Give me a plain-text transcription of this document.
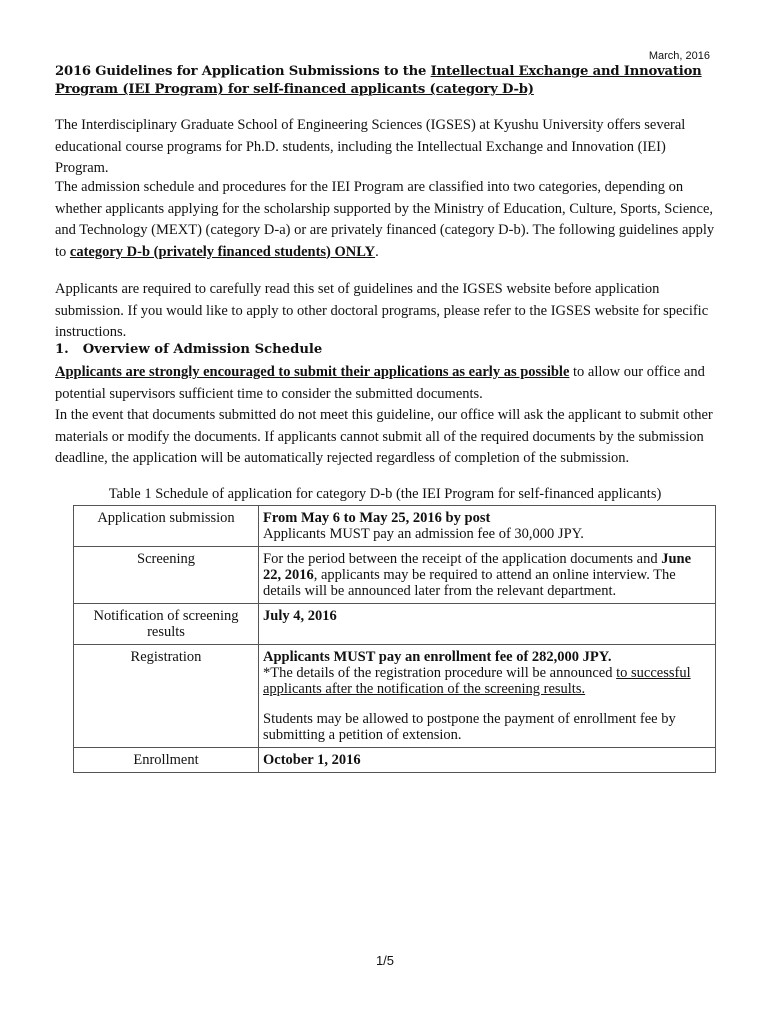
March, 2016
2016 Guidelines for Application Submissions to the Intellectual Exchange and Innovation Program (IEI Program) for self-financed applicants (category D-b)
The Interdisciplinary Graduate School of Engineering Sciences (IGSES) at Kyushu University offers several educational course programs for Ph.D. students, including the Intellectual Exchange and Innovation (IEI) Program.
The admission schedule and procedures for the IEI Program are classified into two categories, depending on whether applicants applying for the scholarship supported by the Ministry of Education, Culture, Sports, Science, and Technology (MEXT) (category D-a) or are privately financed (category D-b). The following guidelines apply to category D-b (privately financed students) ONLY.
Applicants are required to carefully read this set of guidelines and the IGSES website before application submission. If you would like to apply to other doctoral programs, please refer to the IGSES website for specific instructions.
1. Overview of Admission Schedule
Applicants are strongly encouraged to submit their applications as early as possible to allow our office and potential supervisors sufficient time to consider the submitted documents.
In the event that documents submitted do not meet this guideline, our office will ask the applicant to submit other materials or modify the documents. If applicants cannot submit all of the required documents by the submission deadline, the application will be automatically rejected regardless of completion of the submission.
Table 1 Schedule of application for category D-b (the IEI Program for self-financed applicants)
Application submission	From May 6 to May 25, 2016 by post
Applicants MUST pay an admission fee of 30,000 JPY.

Screening	For the period between the receipt of the application documents and June 22, 2016, applicants may be required to attend an online interview. The details will be announced later from the relevant department.
Notification of screening results	July 4, 2016

Registration	Applicants MUST pay an enrollment fee of 282,000 JPY.
*The details of the registration procedure will be announced to successful applicants after the notification of the screening results.
Students may be allowed to postpone the payment of enrollment fee by submitting a petition of extension.

Enrollment	October 1, 2016
1/5
